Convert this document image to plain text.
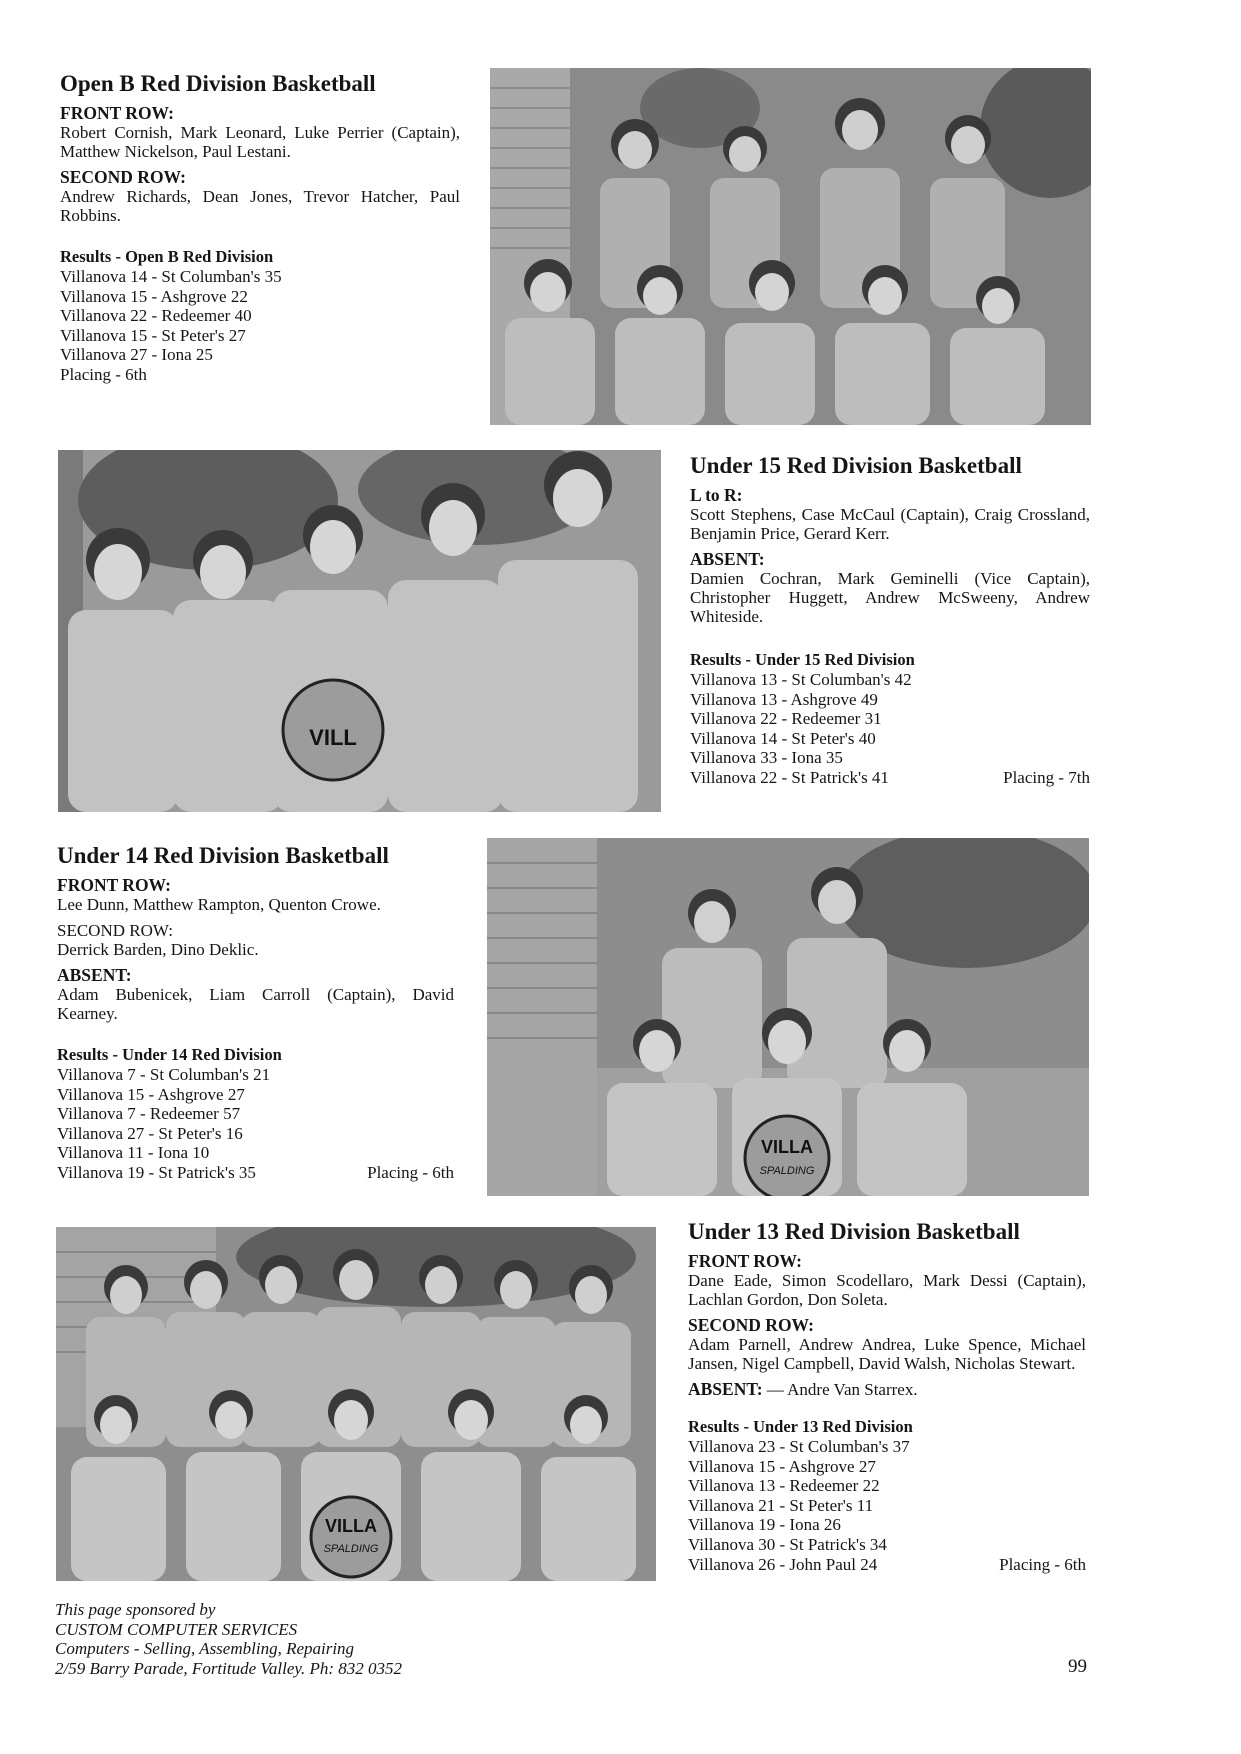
Open B Red Division Basketball
FRONT ROW:
Robert Cornish, Mark Leonard, Luke Perrier (Captain), Matthew Nickelson, Paul Lestani.
SECOND ROW:
Andrew Richards, Dean Jones, Trevor Hatcher, Paul Robbins.
Results - Open B Red Division
Villanova 14 - St Columban's 35
Villanova 15 - Ashgrove 22
Villanova 22 - Redeemer 40
Villanova 15 - St Peter's 27
Villanova 27 - Iona 25
Placing - 6th
VILL
Under 15 Red Division Basketball
L to R:
Scott Stephens, Case McCaul (Captain), Craig Crossland, Benjamin Price, Gerard Kerr.
ABSENT:
Damien Cochran, Mark Geminelli (Vice Captain), Christopher Huggett, Andrew McSweeny, Andrew Whiteside.
Results - Under 15 Red Division
Villanova 13 - St Columban's 42
Villanova 13 - Ashgrove 49
Villanova 22 - Redeemer 31
Villanova 14 - St Peter's 40
Villanova 33 - Iona 35
Villanova 22 - St Patrick's 41	Placing - 7th
Under 14 Red Division Basketball
FRONT ROW:
Lee Dunn, Matthew Rampton, Quenton Crowe.
SECOND ROW:
Derrick Barden, Dino Deklic.
ABSENT:
Adam Bubenicek, Liam Carroll (Captain), David Kearney.
Results - Under 14 Red Division
Villanova 7 - St Columban's 21
Villanova 15 - Ashgrove 27
Villanova 7 - Redeemer 57
Villanova 27 - St Peter's 16
Villanova 11 - Iona 10
Villanova 19 - St Patrick's 35	Placing - 6th
VILLA
SPALDING
VILLA
SPALDING
Under 13 Red Division Basketball
FRONT ROW:
Dane Eade, Simon Scodellaro, Mark Dessi (Captain), Lachlan Gordon, Don Soleta.
SECOND ROW:
Adam Parnell, Andrew Andrea, Luke Spence, Michael Jansen, Nigel Campbell, David Walsh, Nicholas Stewart.
ABSENT: — Andre Van Starrex.
Results - Under 13 Red Division
Villanova 23 - St Columban's 37
Villanova 15 - Ashgrove 27
Villanova 13 - Redeemer 22
Villanova 21 - St Peter's 11
Villanova 19 - Iona 26
Villanova 30 - St Patrick's 34
Villanova 26 - John Paul 24	Placing - 6th
This page sponsored by
CUSTOM COMPUTER SERVICES
Computers - Selling, Assembling, Repairing
2/59 Barry Parade, Fortitude Valley. Ph: 832 0352	99
